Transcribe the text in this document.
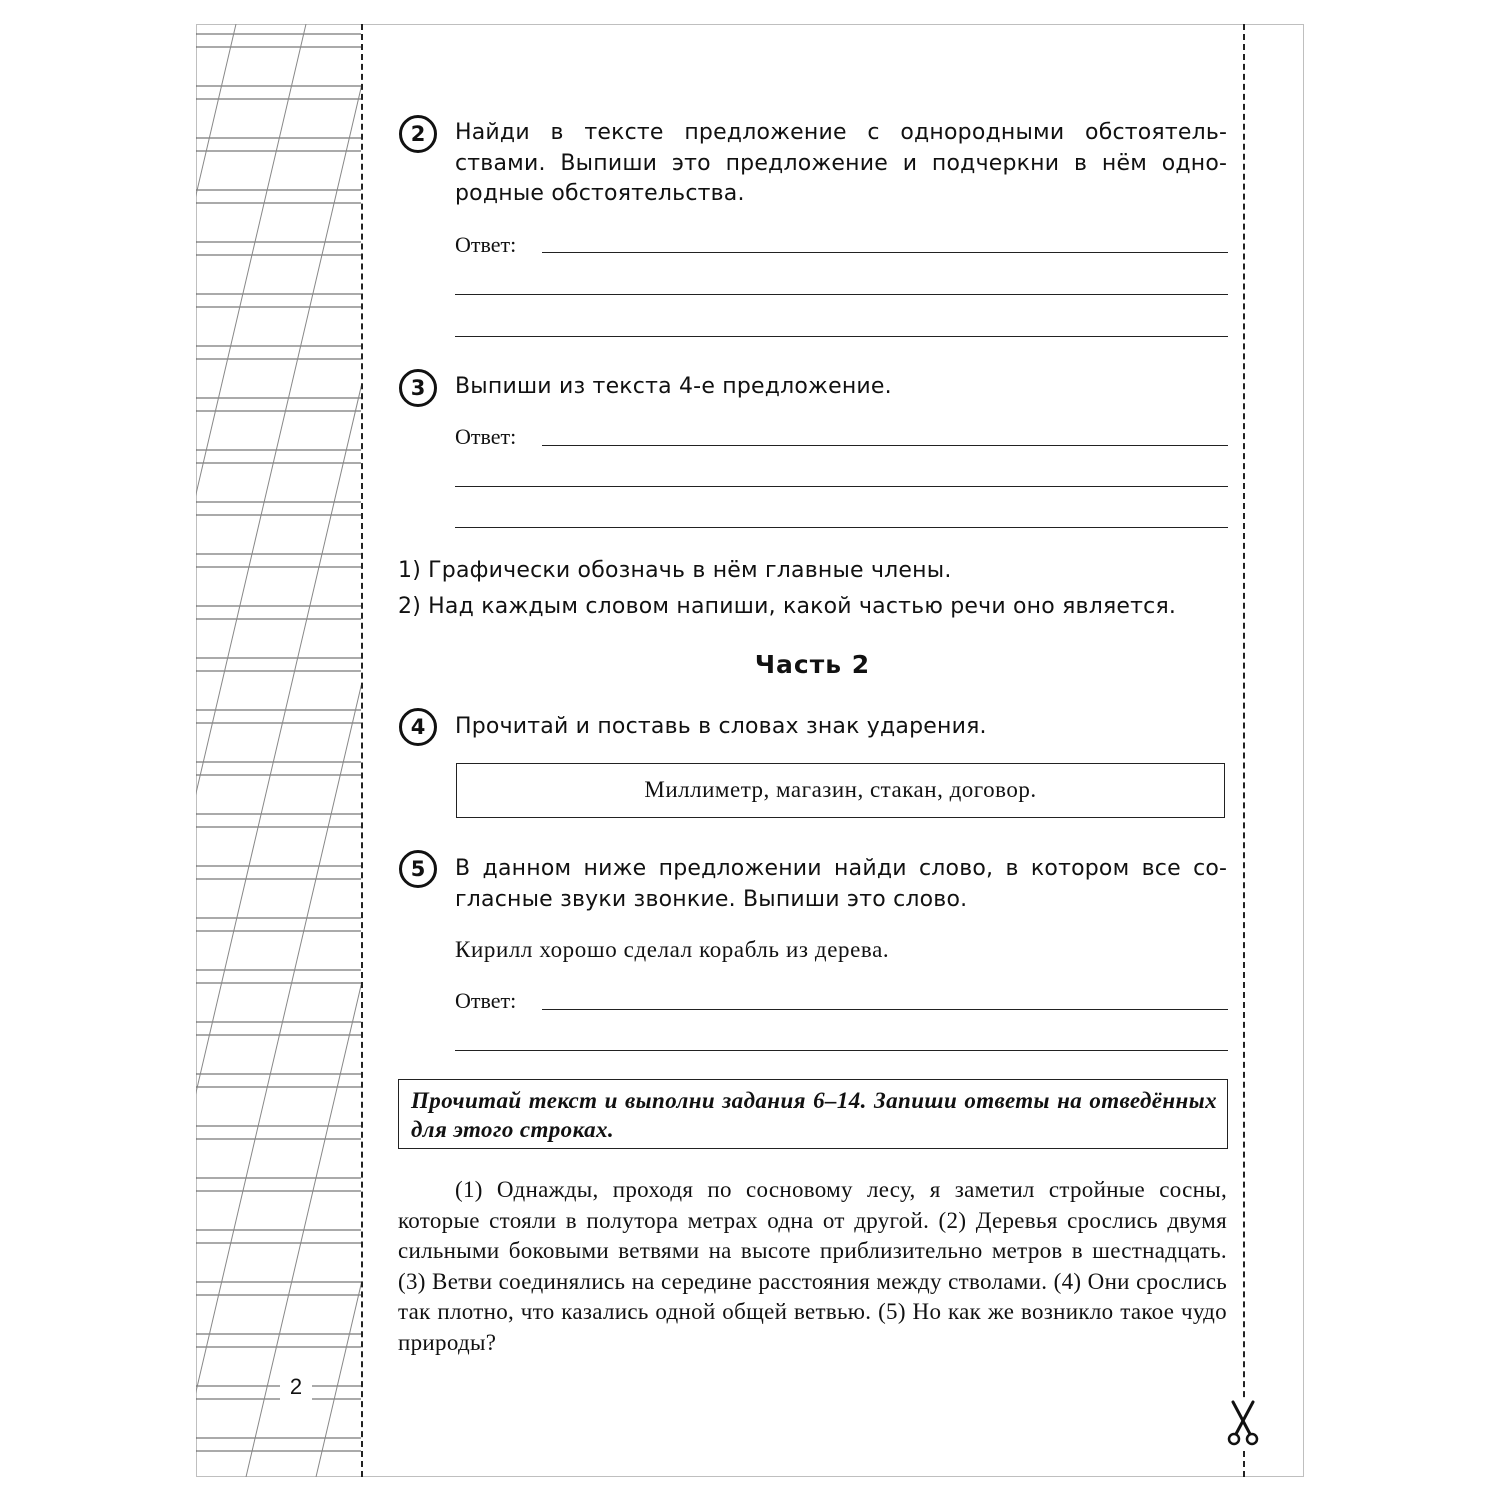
2
2	Найди в тексте предложение с однородными обстоятельствами. Выпиши это предложение и подчеркни в нём однородные обстоятельства.
Ответ:
3	Выпиши из текста 4-е предложение.
Ответ:
1) Графически обозначь в нём главные члены.
2) Над каждым словом напиши, какой частью речи оно является.
Часть 2
4	Прочитай и поставь в словах знак ударения.
Миллиметр, магазин, стакан, договор.
5	В данном ниже предложении найди слово, в котором все согласные звуки звонкие. Выпиши это слово.
Кирилл хорошо сделал корабль из дерева.
Ответ:
Прочитай текст и выполни задания 6–14. Запиши ответы на отведённых для этого строках.
(1) Однажды, проходя по сосновому лесу, я заметил стройные сосны, которые стояли в полутора метрах одна от другой. (2) Деревья срослись двумя сильными боковыми ветвями на высоте приблизительно метров в шестнадцать. (3) Ветви соединялись на середине расстояния между стволами. (4) Они срослись так плотно, что казались одной общей ветвью. (5) Но как же возникло такое чудо природы?
